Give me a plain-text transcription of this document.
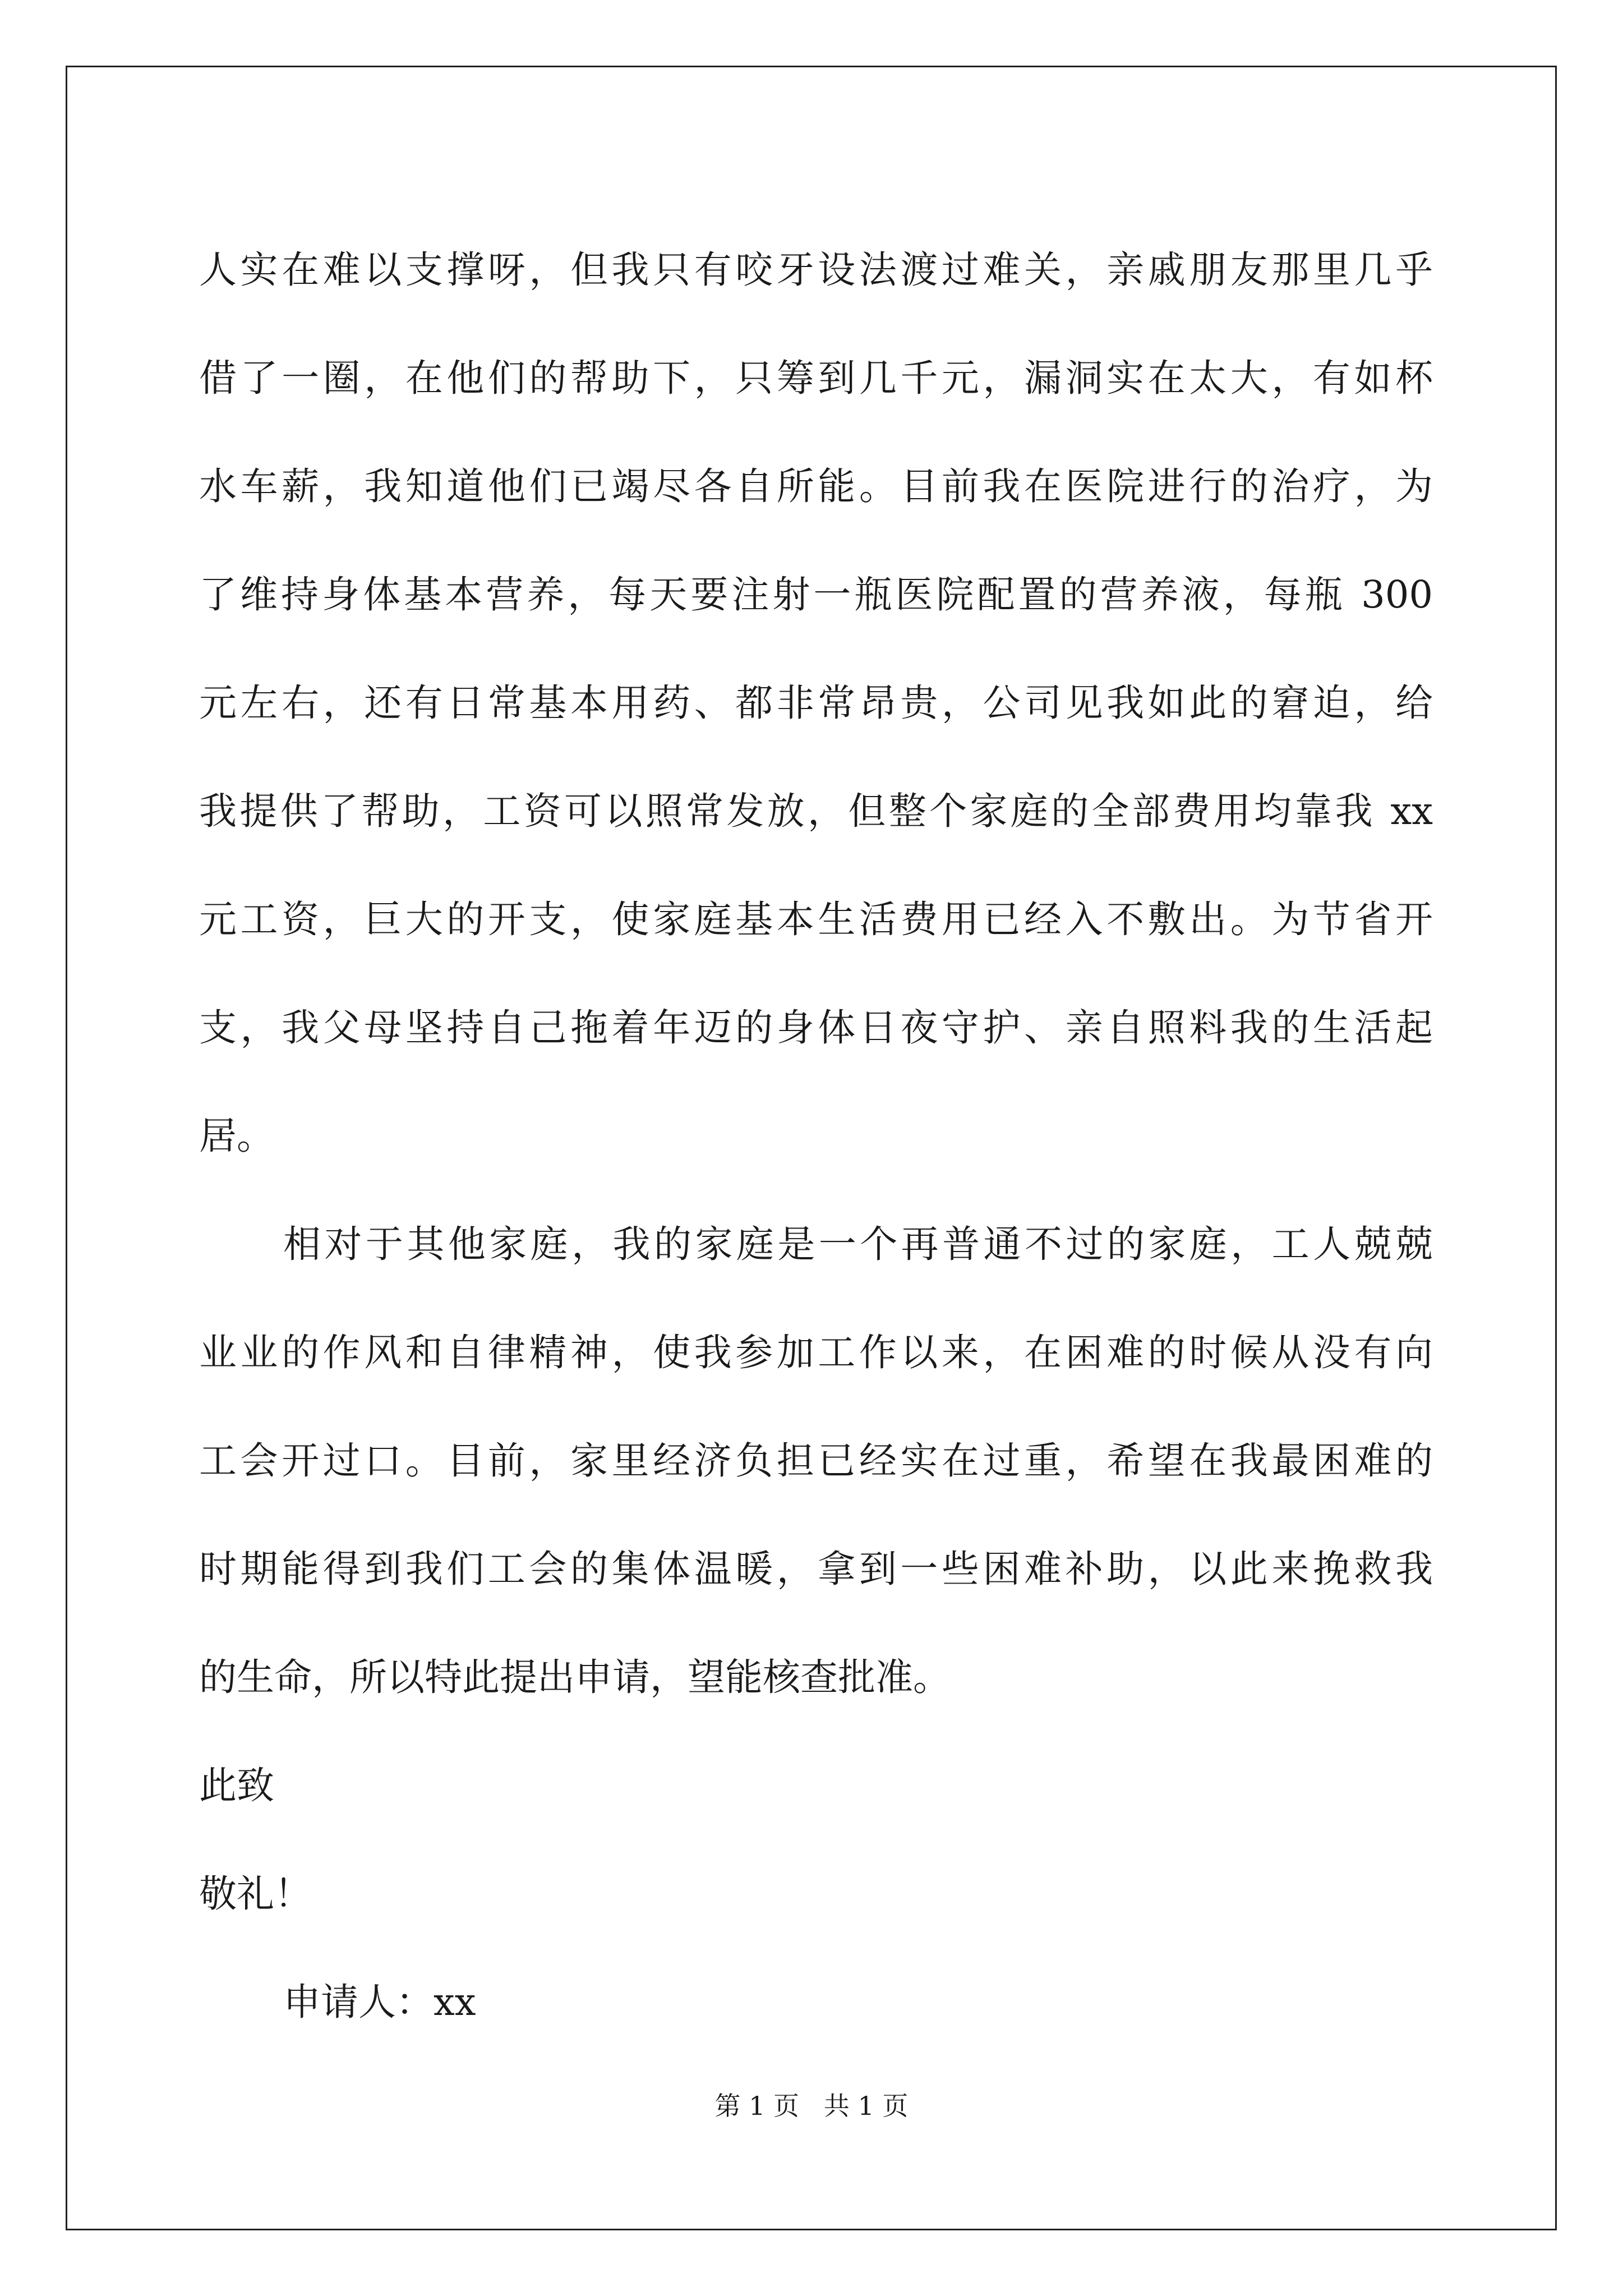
人实在难以支撑呀，但我只有咬牙设法渡过难关，亲戚朋友那里几乎
借了一圈，在他们的帮助下，只筹到几千元，漏洞实在太大，有如杯
水车薪，我知道他们已竭尽各自所能。目前我在医院进行的治疗，为
了维持身体基本营养，每天要注射一瓶医院配置的营养液，每瓶 300
元左右，还有日常基本用药、都非常昂贵，公司见我如此的窘迫，给
我提供了帮助，工资可以照常发放，但整个家庭的全部费用均靠我 xx
元工资，巨大的开支，使家庭基本生活费用已经入不敷出。为节省开
支，我父母坚持自己拖着年迈的身体日夜守护、亲自照料我的生活起
居。
相对于其他家庭，我的家庭是一个再普通不过的家庭，工人兢兢
业业的作风和自律精神，使我参加工作以来，在困难的时候从没有向
工会开过口。目前，家里经济负担已经实在过重，希望在我最困难的
时期能得到我们工会的集体温暖，拿到一些困难补助，以此来挽救我
的生命，所以特此提出申请，望能核查批准。
此致
敬礼！
申请人：xx
第 1 页   共 1 页
